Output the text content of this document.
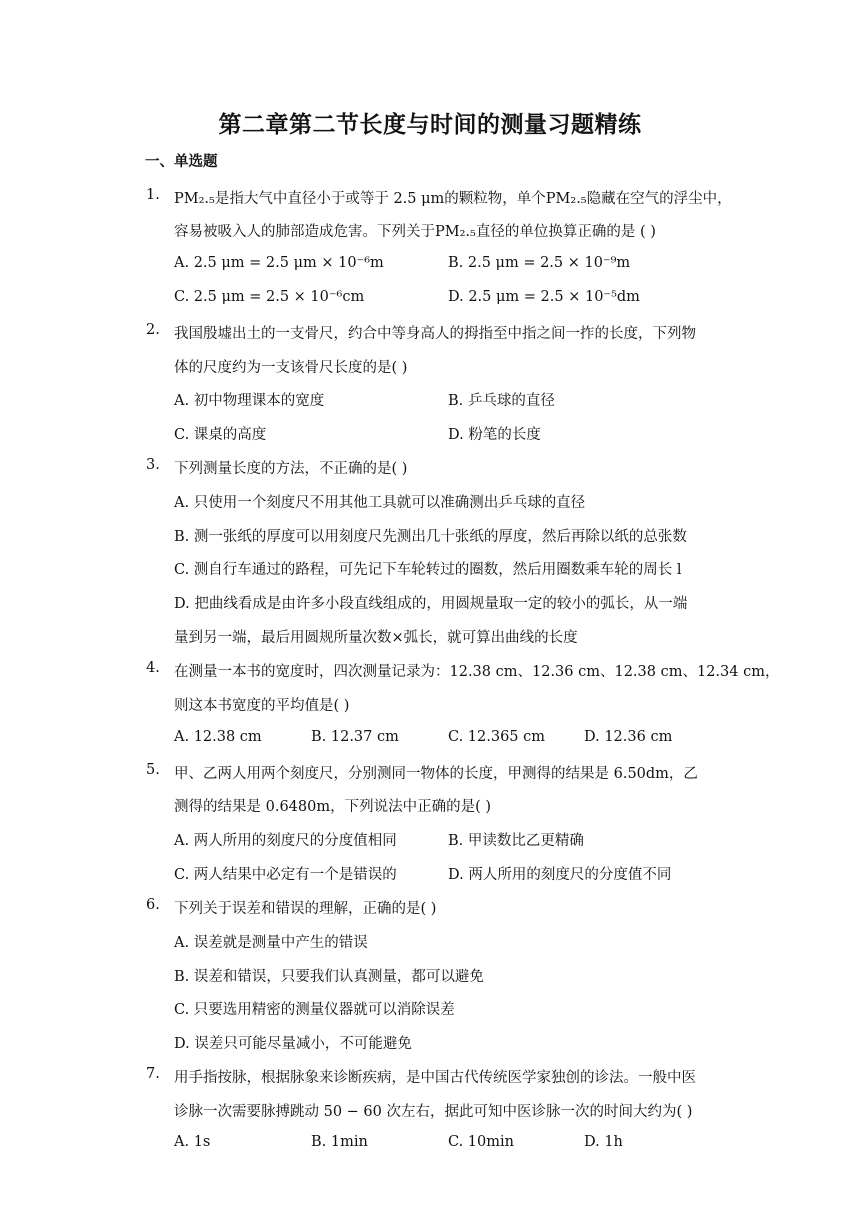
第二章第二节长度与时间的测量习题精练
一、单选题
1. PM₂.₅是指大气中直径小于或等于 2.5 μm的颗粒物，单个PM₂.₅隐藏在空气的浮尘中，
容易被吸入人的肺部造成危害。下列关于PM₂.₅直径的单位换算正确的是 ( )
A. 2.5 μm = 2.5 μm × 10⁻⁶m	B. 2.5 μm = 2.5 × 10⁻⁹m
C. 2.5 μm = 2.5 × 10⁻⁶cm	D. 2.5 μm = 2.5 × 10⁻⁵dm
2. 我国殷墟出土的一支骨尺，约合中等身高人的拇指至中指之间一拃的长度，下列物
体的尺度约为一支该骨尺长度的是( )
A. 初中物理课本的宽度	B. 乒乓球的直径
C. 课桌的高度	D. 粉笔的长度
3. 下列测量长度的方法，不正确的是( )
A. 只使用一个刻度尺不用其他工具就可以准确测出乒乓球的直径
B. 测一张纸的厚度可以用刻度尺先测出几十张纸的厚度，然后再除以纸的总张数
C. 测自行车通过的路程，可先记下车轮转过的圈数，然后用圈数乘车轮的周长 l
D. 把曲线看成是由许多小段直线组成的，用圆规量取一定的较小的弧长，从一端
量到另一端，最后用圆规所量次数×弧长，就可算出曲线的长度
4. 在测量一本书的宽度时，四次测量记录为：12.38 cm、12.36 cm、12.38 cm、12.34 cm，
则这本书宽度的平均值是( )
A. 12.38 cm	B. 12.37 cm	C. 12.365 cm	D. 12.36 cm
5. 甲、乙两人用两个刻度尺，分别测同一物体的长度，甲测得的结果是 6.50dm，乙
测得的结果是 0.6480m，下列说法中正确的是( )
A. 两人所用的刻度尺的分度值相同	B. 甲读数比乙更精确
C. 两人结果中必定有一个是错误的	D. 两人所用的刻度尺的分度值不同
6. 下列关于误差和错误的理解，正确的是( )
A. 误差就是测量中产生的错误
B. 误差和错误，只要我们认真测量，都可以避免
C. 只要选用精密的测量仪器就可以消除误差
D. 误差只可能尽量减小，不可能避免
7. 用手指按脉，根据脉象来诊断疾病，是中国古代传统医学家独创的诊法。一般中医
诊脉一次需要脉搏跳动 50 − 60 次左右，据此可知中医诊脉一次的时间大约为( )
A. 1s	B. 1min	C. 10min	D. 1h
